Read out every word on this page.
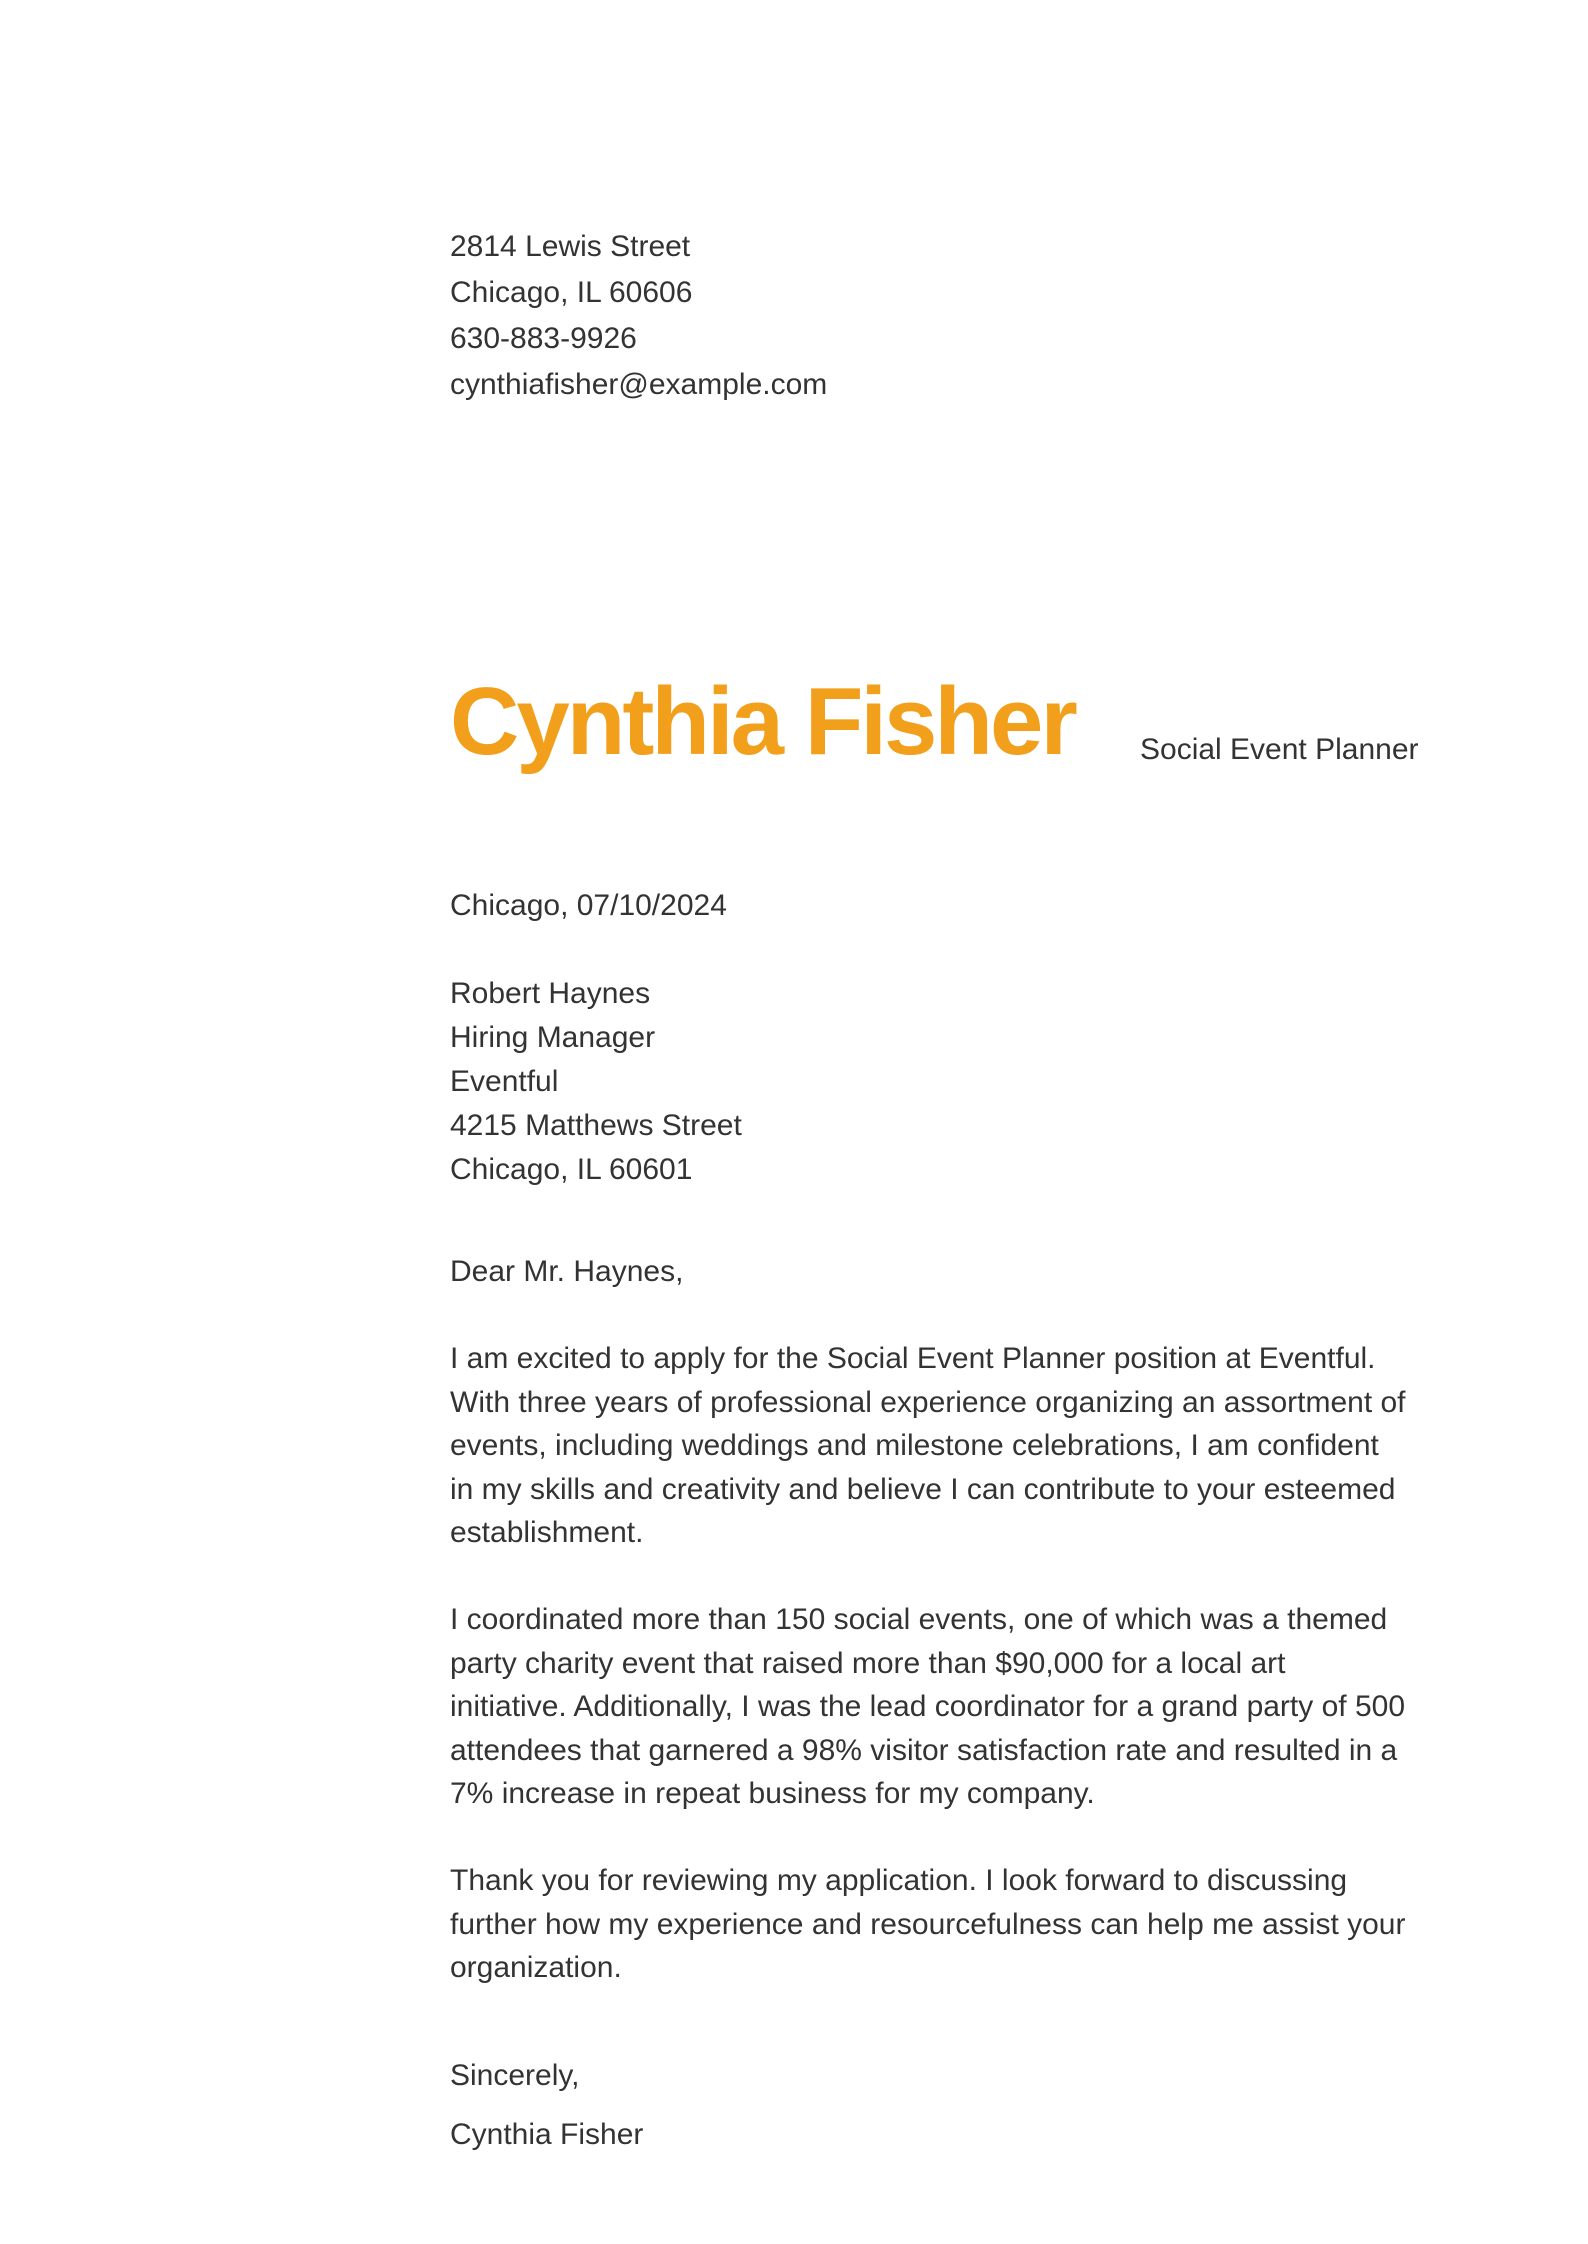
2814 Lewis Street
Chicago, IL 60606
630-883-9926
cynthiafisher@example.com
Cynthia Fisher Social Event Planner
Chicago, 07/10/2024
Robert Haynes
Hiring Manager
Eventful
4215 Matthews Street
Chicago, IL 60601
Dear Mr. Haynes,
I am excited to apply for the Social Event Planner position at Eventful. With three years of professional experience organizing an assortment of events, including weddings and milestone celebrations, I am confident in my skills and creativity and believe I can contribute to your esteemed establishment.
I coordinated more than 150 social events, one of which was a themed party charity event that raised more than $90,000 for a local art initiative. Additionally, I was the lead coordinator for a grand party of 500 attendees that garnered a 98% visitor satisfaction rate and resulted in a 7% increase in repeat business for my company.
Thank you for reviewing my application. I look forward to discussing further how my experience and resourcefulness can help me assist your organization.
Sincerely,
Cynthia Fisher
